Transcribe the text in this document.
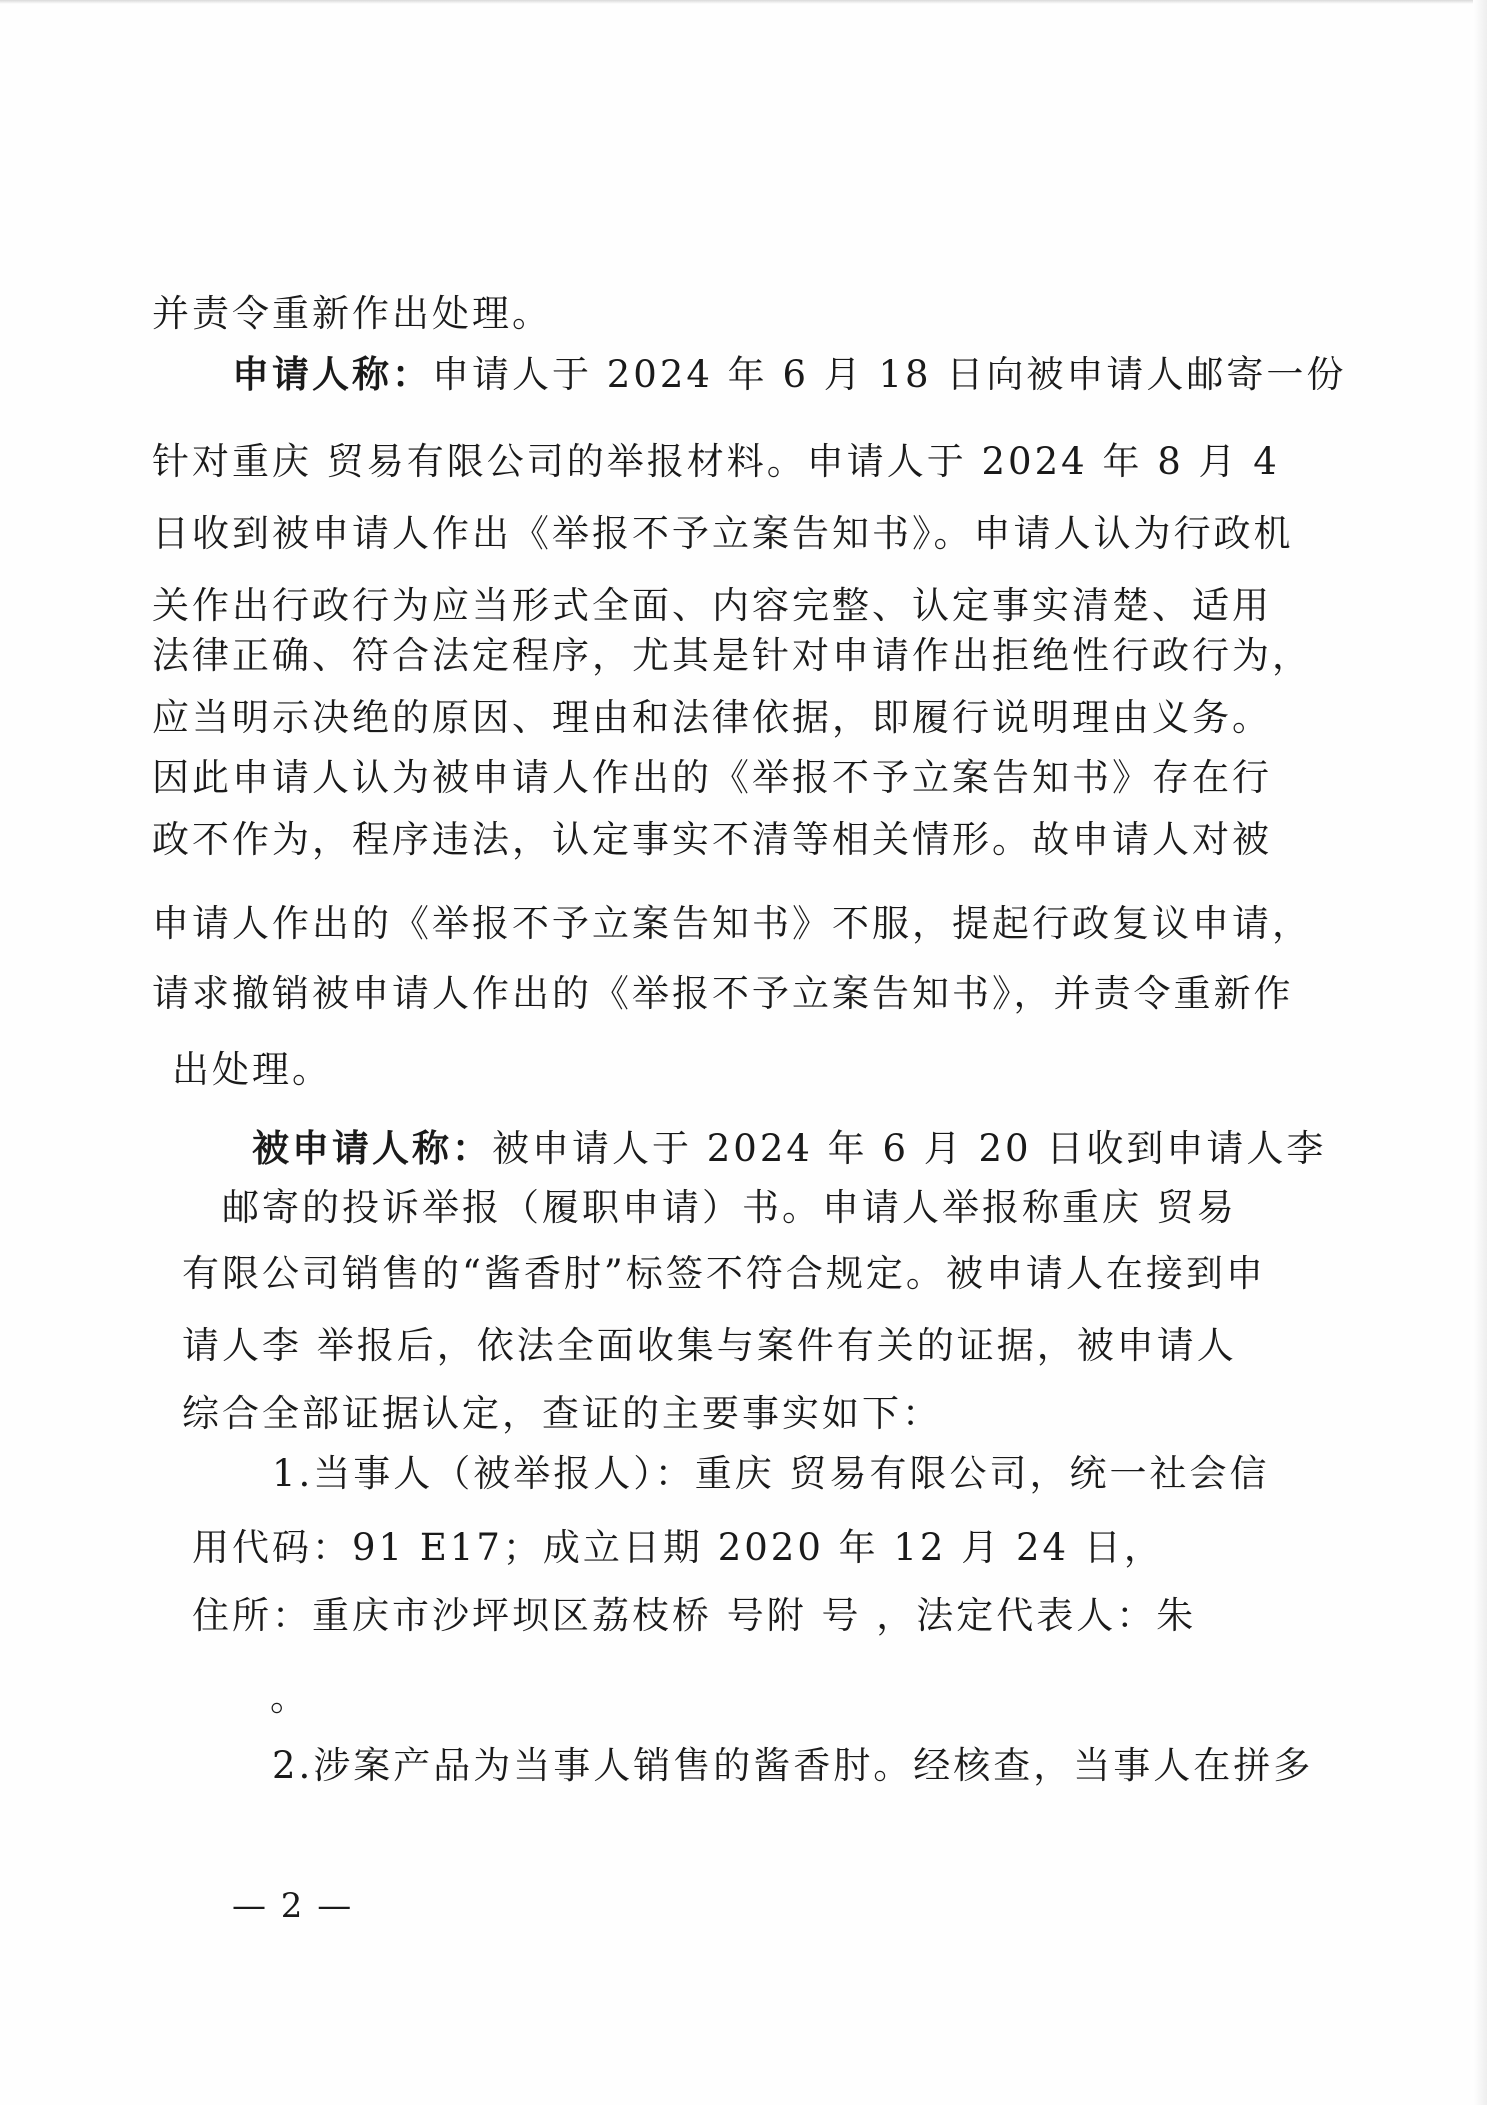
并责令重新作出处理。
申请人称：申请人于 2024 年 6 月 18 日向被申请人邮寄一份
针对重庆 贸易有限公司的举报材料。申请人于 2024 年 8 月 4
日收到被申请人作出《举报不予立案告知书》。申请人认为行政机
关作出行政行为应当形式全面、内容完整、认定事实清楚、适用
法律正确、符合法定程序，尤其是针对申请作出拒绝性行政行为，
应当明示决绝的原因、理由和法律依据，即履行说明理由义务。
因此申请人认为被申请人作出的《举报不予立案告知书》存在行
政不作为，程序违法，认定事实不清等相关情形。故申请人对被
申请人作出的《举报不予立案告知书》不服，提起行政复议申请，
请求撤销被申请人作出的《举报不予立案告知书》，并责令重新作
出处理。
被申请人称：被申请人于 2024 年 6 月 20 日收到申请人李
邮寄的投诉举报（履职申请）书。申请人举报称重庆 贸易
有限公司销售的“酱香肘”标签不符合规定。被申请人在接到申
请人李 举报后，依法全面收集与案件有关的证据，被申请人
综合全部证据认定，查证的主要事实如下：
1.当事人（被举报人）：重庆 贸易有限公司，统一社会信
用代码：91 E17；成立日期 2020 年 12 月 24 日，
住所：重庆市沙坪坝区荔枝桥 号附 号 ，法定代表人：朱
。
2.涉案产品为当事人销售的酱香肘。经核查，当事人在拼多
— 2 —
